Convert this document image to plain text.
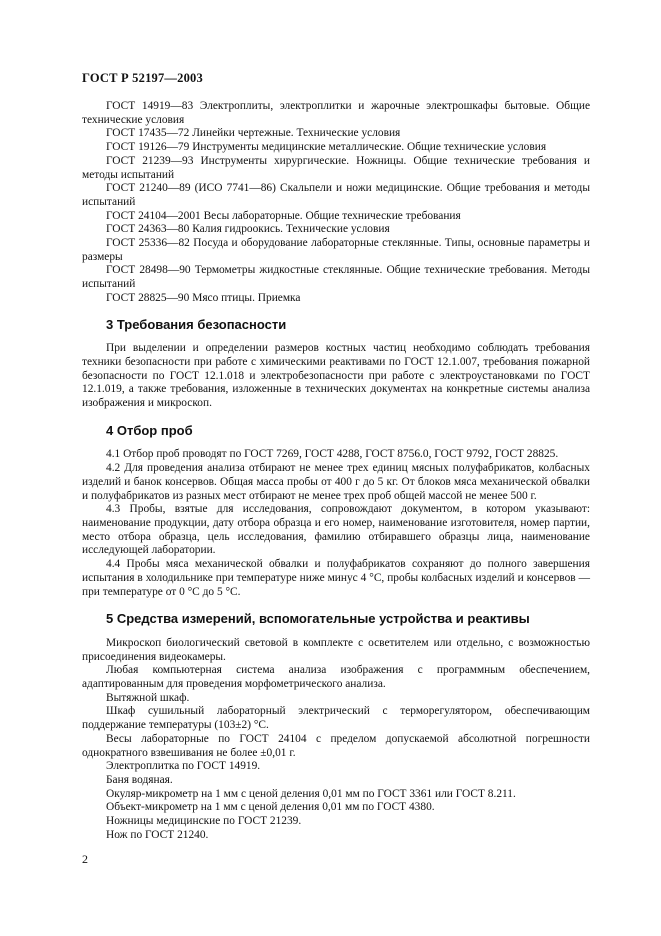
ГОСТ Р 52197—2003
ГОСТ 14919—83 Электроплиты, электроплитки и жарочные электрошкафы бытовые. Общие технические условия
ГОСТ 17435—72 Линейки чертежные. Технические условия
ГОСТ 19126—79 Инструменты медицинские металлические. Общие технические условия
ГОСТ 21239—93 Инструменты хирургические. Ножницы. Общие технические требования и методы испытаний
ГОСТ 21240—89 (ИСО 7741—86) Скальпели и ножи медицинские. Общие требования и методы испытаний
ГОСТ 24104—2001 Весы лабораторные. Общие технические требования
ГОСТ 24363—80 Калия гидроокись. Технические условия
ГОСТ 25336—82 Посуда и оборудование лабораторные стеклянные. Типы, основные параметры и размеры
ГОСТ 28498—90 Термометры жидкостные стеклянные. Общие технические требования. Методы испытаний
ГОСТ 28825—90 Мясо птицы. Приемка
3 Требования безопасности

При выделении и определении размеров костных частиц необходимо соблюдать требования техники безопасности при работе с химическими реактивами по ГОСТ 12.1.007, требования пожарной безопасности по ГОСТ 12.1.018 и электробезопасности при работе с электроустановками по ГОСТ 12.1.019, а также требования, изложенные в технических документах на конкретные системы анализа изображения и микроскоп.

4 Отбор проб

4.1 Отбор проб проводят по ГОСТ 7269, ГОСТ 4288, ГОСТ 8756.0, ГОСТ 9792, ГОСТ 28825.

4.2 Для проведения анализа отбирают не менее трех единиц мясных полуфабрикатов, колбасных изделий и банок консервов. Общая масса пробы от 400 г до 5 кг. От блоков мяса механической обвалки и полуфабрикатов из разных мест отбирают не менее трех проб общей массой не менее 500 г.

4.3 Пробы, взятые для исследования, сопровождают документом, в котором указывают: наименование продукции, дату отбора образца и его номер, наименование изготовителя, номер партии, место отбора образца, цель исследования, фамилию отбиравшего образцы лица, наименование исследующей лаборатории.

4.4 Пробы мяса механической обвалки и полуфабрикатов сохраняют до полного завершения испытания в холодильнике при температуре ниже минус 4 °С, пробы колбасных изделий и консервов — при температуре от 0 °С до 5 °С.

5 Средства измерений, вспомогательные устройства и реактивы

Микроскоп биологический световой в комплекте с осветителем или отдельно, с возможностью присоединения видеокамеры.

Любая компьютерная система анализа изображения с программным обеспечением, адаптированным для проведения морфометрического анализа.

Вытяжной шкаф.

Шкаф сушильный лабораторный электрический с терморегулятором, обеспечивающим поддержание температуры (103±2) °С.

Весы лабораторные по ГОСТ 24104 с пределом допускаемой абсолютной погрешности однократного взвешивания не более ±0,01 г.

Электроплитка по ГОСТ 14919.

Баня водяная.

Окуляр-микрометр на 1 мм с ценой деления 0,01 мм по ГОСТ 3361 или ГОСТ 8.211.

Объект-микрометр на 1 мм с ценой деления 0,01 мм по ГОСТ 4380.

Ножницы медицинские по ГОСТ 21239.

Нож по ГОСТ 21240.

2
